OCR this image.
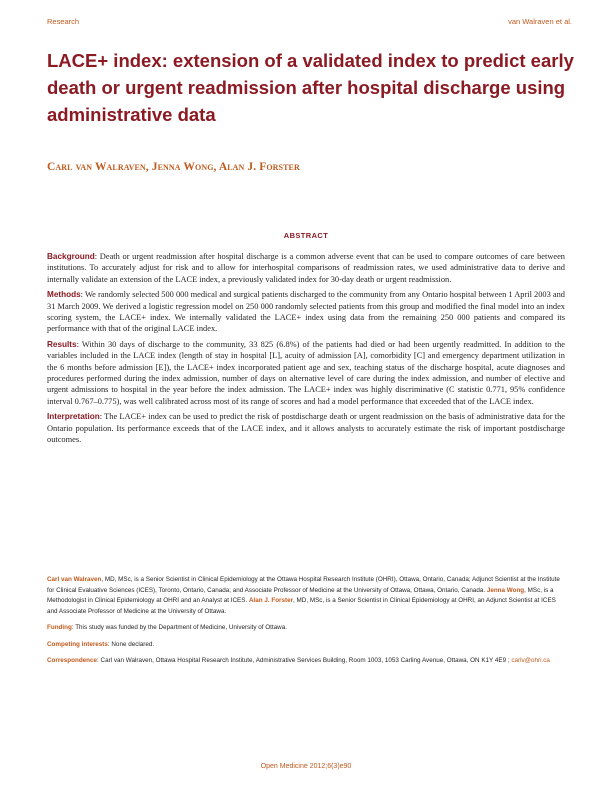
Research	van Walraven et al.
LACE+ index: extension of a validated index to predict early death or urgent readmission after hospital discharge using administrative data
Carl van Walraven, Jenna Wong, Alan J. Forster
ABSTRACT

Background: Death or urgent readmission after hospital discharge is a common adverse event that can be used to compare outcomes of care between institutions. To accurately adjust for risk and to allow for interhospital comparisons of readmission rates, we used administrative data to derive and internally validate an extension of the LACE index, a previously validated index for 30-day death or urgent readmission.

Methods: We randomly selected 500 000 medical and surgical patients discharged to the community from any Ontario hospital between 1 April 2003 and 31 March 2009. We derived a logistic regression model on 250 000 randomly selected patients from this group and modified the final model into an index scoring system, the LACE+ index. We internally validated the LACE+ index using data from the remaining 250 000 patients and compared its performance with that of the original LACE index.

Results: Within 30 days of discharge to the community, 33 825 (6.8%) of the patients had died or had been urgently readmitted. In addition to the variables included in the LACE index (length of stay in hospital [L], acuity of admission [A], comorbidity [C] and emergency department utilization in the 6 months before admission [E]), the LACE+ index incorporated patient age and sex, teaching status of the discharge hospital, acute diagnoses and procedures performed during the index admission, number of days on alternative level of care during the index admission, and number of elective and urgent admissions to hospital in the year before the index admission. The LACE+ index was highly discriminative (C statistic 0.771, 95% confidence interval 0.767–0.775), was well calibrated across most of its range of scores and had a model performance that exceeded that of the LACE index.

Interpretation: The LACE+ index can be used to predict the risk of postdischarge death or urgent readmission on the basis of administrative data for the Ontario population. Its performance exceeds that of the LACE index, and it allows analysts to accurately estimate the risk of important postdischarge outcomes.

Carl van Walraven, MD, MSc, is a Senior Scientist in Clinical Epidemiology at the Ottawa Hospital Research Institute (OHRI), Ottawa, Ontario, Canada; Adjunct Scientist at the Institute for Clinical Evaluative Sciences (ICES), Toronto, Ontario, Canada; and Associate Professor of Medicine at the University of Ottawa, Ottawa, Ontario, Canada. Jenna Wong, MSc, is a Methodologist in Clinical Epidemiology at OHRI and an Analyst at ICES. Alan J. Forster, MD, MSc, is a Senior Scientist in Clinical Epidemiology at OHRI, an Adjunct Scientist at ICES and Associate Professor of Medicine at the University of Ottawa.

Funding: This study was funded by the Department of Medicine, University of Ottawa.

Competing interests: None declared.

Correspondence: Carl van Walraven, Ottawa Hospital Research Institute, Administrative Services Building, Room 1003, 1053 Carling Avenue, Ottawa, ON K1Y 4E9 ; carlv@ohri.ca

Open Medicine 2012;6(3)e90
